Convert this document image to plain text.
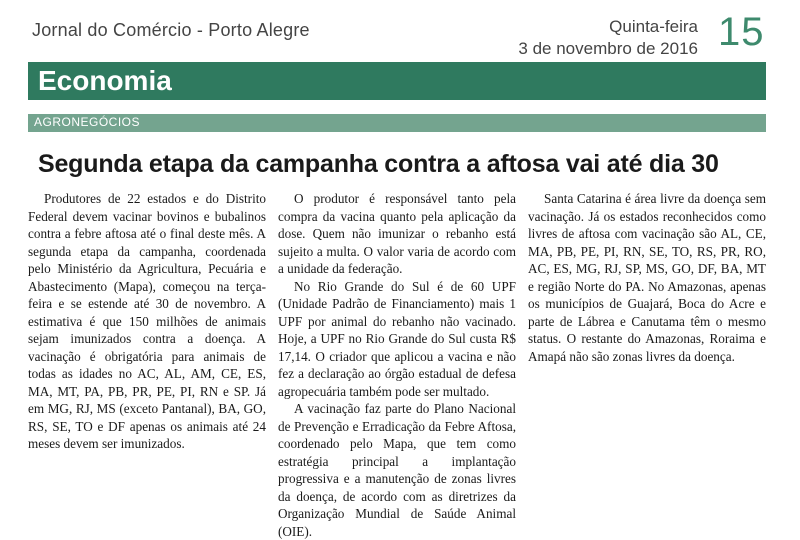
Jornal do Comércio - Porto Alegre	Quinta-feira
3 de novembro de 2016 15
Economia
AGRONEGÓCIOS
Segunda etapa da campanha contra a aftosa vai até dia 30

Produtores de 22 estados e do Distrito Federal devem vacinar bovinos e bubalinos contra a febre aftosa até o final deste mês. A segunda etapa da campanha, coordenada pelo Ministério da Agricultura, Pecuária e Abastecimento (Mapa), começou na terça-feira e se estende até 30 de novembro. A estimativa é que 150 milhões de animais sejam imunizados contra a doença. A vacinação é obrigatória para animais de todas as idades no AC, AL, AM, CE, ES, MA, MT, PA, PB, PR, PE, PI, RN e SP. Já em MG, RJ, MS (exceto Pantanal), BA, GO, RS, SE, TO e DF apenas os animais até 24 meses devem ser imunizados.

O produtor é responsável tanto pela compra da vacina quanto pela aplicação da dose. Quem não imunizar o rebanho está sujeito a multa. O valor varia de acordo com a unidade da federação.

No Rio Grande do Sul é de 60 UPF (Unidade Padrão de Financiamento) mais 1 UPF por animal do rebanho não vacinado. Hoje, a UPF no Rio Grande do Sul custa R$ 17,14. O criador que aplicou a vacina e não fez a declaração ao órgão estadual de defesa agropecuária também pode ser multado.

A vacinação faz parte do Plano Nacional de Prevenção e Erradicação da Febre Aftosa, coordenado pelo Mapa, que tem como estratégia principal a implantação progressiva e a manutenção de zonas livres da doença, de acordo com as diretrizes da Organização Mundial de Saúde Animal (OIE).

Santa Catarina é área livre da doença sem vacinação. Já os estados reconhecidos como livres de aftosa com vacinação são AL, CE, MA, PB, PE, PI, RN, SE, TO, RS, PR, RO, AC, ES, MG, RJ, SP, MS, GO, DF, BA, MT e região Norte do PA. No Amazonas, apenas os municípios de Guajará, Boca do Acre e parte de Lábrea e Canutama têm o mesmo status. O restante do Amazonas, Roraima e Amapá não são zonas livres da doença.
